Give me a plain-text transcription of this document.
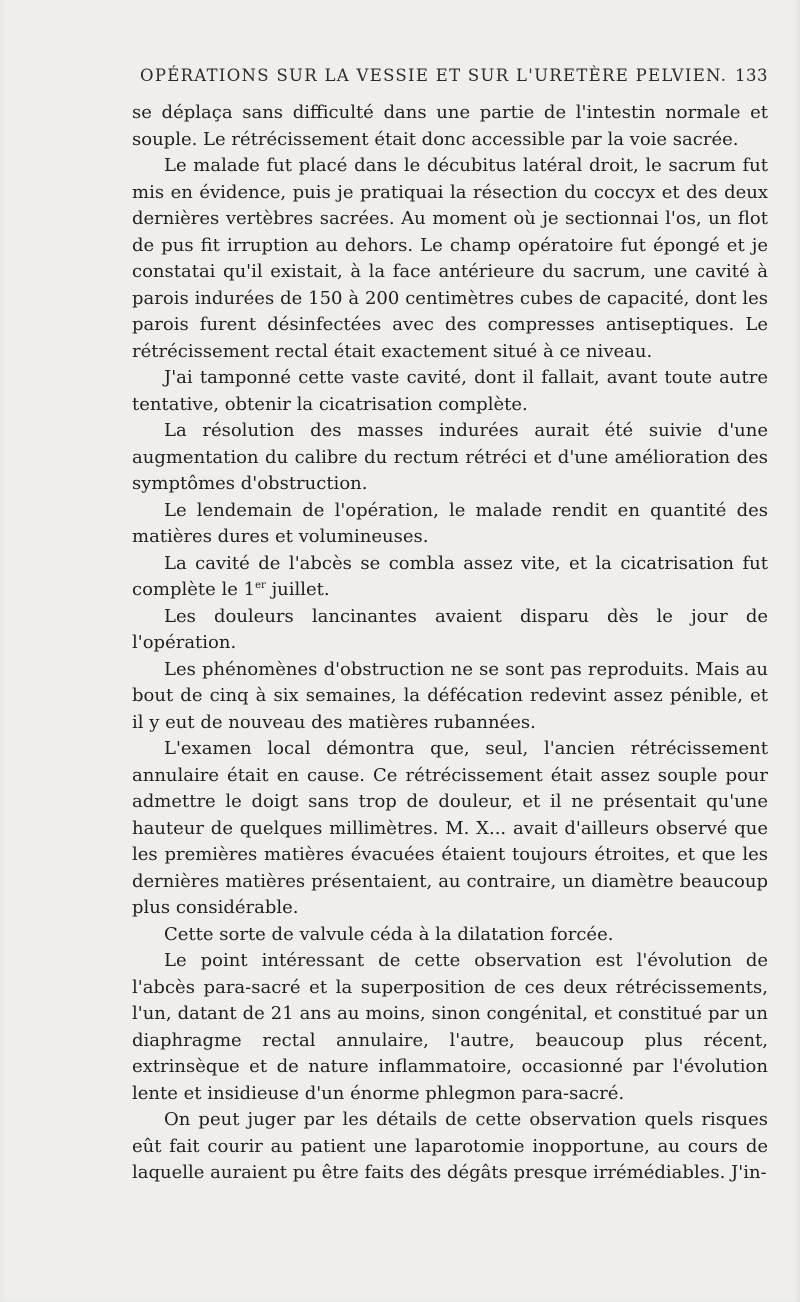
OPÉRATIONS SUR LA VESSIE ET SUR L'URETÈRE PELVIEN. 133

se déplaça sans difficulté dans une partie de l'intestin normale et souple. Le rétrécissement était donc accessible par la voie sacrée.

Le malade fut placé dans le décubitus latéral droit, le sacrum fut mis en évidence, puis je pratiquai la résection du coccyx et des deux dernières vertèbres sacrées. Au moment où je sectionnai l'os, un flot de pus fit irruption au dehors. Le champ opératoire fut épongé et je constatai qu'il existait, à la face antérieure du sacrum, une cavité à parois indurées de 150 à 200 centimètres cubes de capacité, dont les parois furent désinfectées avec des compresses antiseptiques. Le rétrécissement rectal était exactement situé à ce niveau.

J'ai tamponné cette vaste cavité, dont il fallait, avant toute autre tentative, obtenir la cicatrisation complète.

La résolution des masses indurées aurait été suivie d'une augmentation du calibre du rectum rétréci et d'une amélioration des symptômes d'obstruction.

Le lendemain de l'opération, le malade rendit en quantité des matières dures et volumineuses.

La cavité de l'abcès se combla assez vite, et la cicatrisation fut complète le 1er juillet.

Les douleurs lancinantes avaient disparu dès le jour de l'opération.

Les phénomènes d'obstruction ne se sont pas reproduits. Mais au bout de cinq à six semaines, la défécation redevint assez pénible, et il y eut de nouveau des matières rubannées.

L'examen local démontra que, seul, l'ancien rétrécissement annulaire était en cause. Ce rétrécissement était assez souple pour admettre le doigt sans trop de douleur, et il ne présentait qu'une hauteur de quelques millimètres. M. X... avait d'ailleurs observé que les premières matières évacuées étaient toujours étroites, et que les dernières matières présentaient, au contraire, un diamètre beaucoup plus considérable.

Cette sorte de valvule céda à la dilatation forcée.

Le point intéressant de cette observation est l'évolution de l'abcès para-sacré et la superposition de ces deux rétrécissements, l'un, datant de 21 ans au moins, sinon congénital, et constitué par un diaphragme rectal annulaire, l'autre, beaucoup plus récent, extrinsèque et de nature inflammatoire, occasionné par l'évolution lente et insidieuse d'un énorme phlegmon para-sacré.

On peut juger par les détails de cette observation quels risques eût fait courir au patient une laparotomie inopportune, au cours de laquelle auraient pu être faits des dégâts presque irrémédiables. J'in-
